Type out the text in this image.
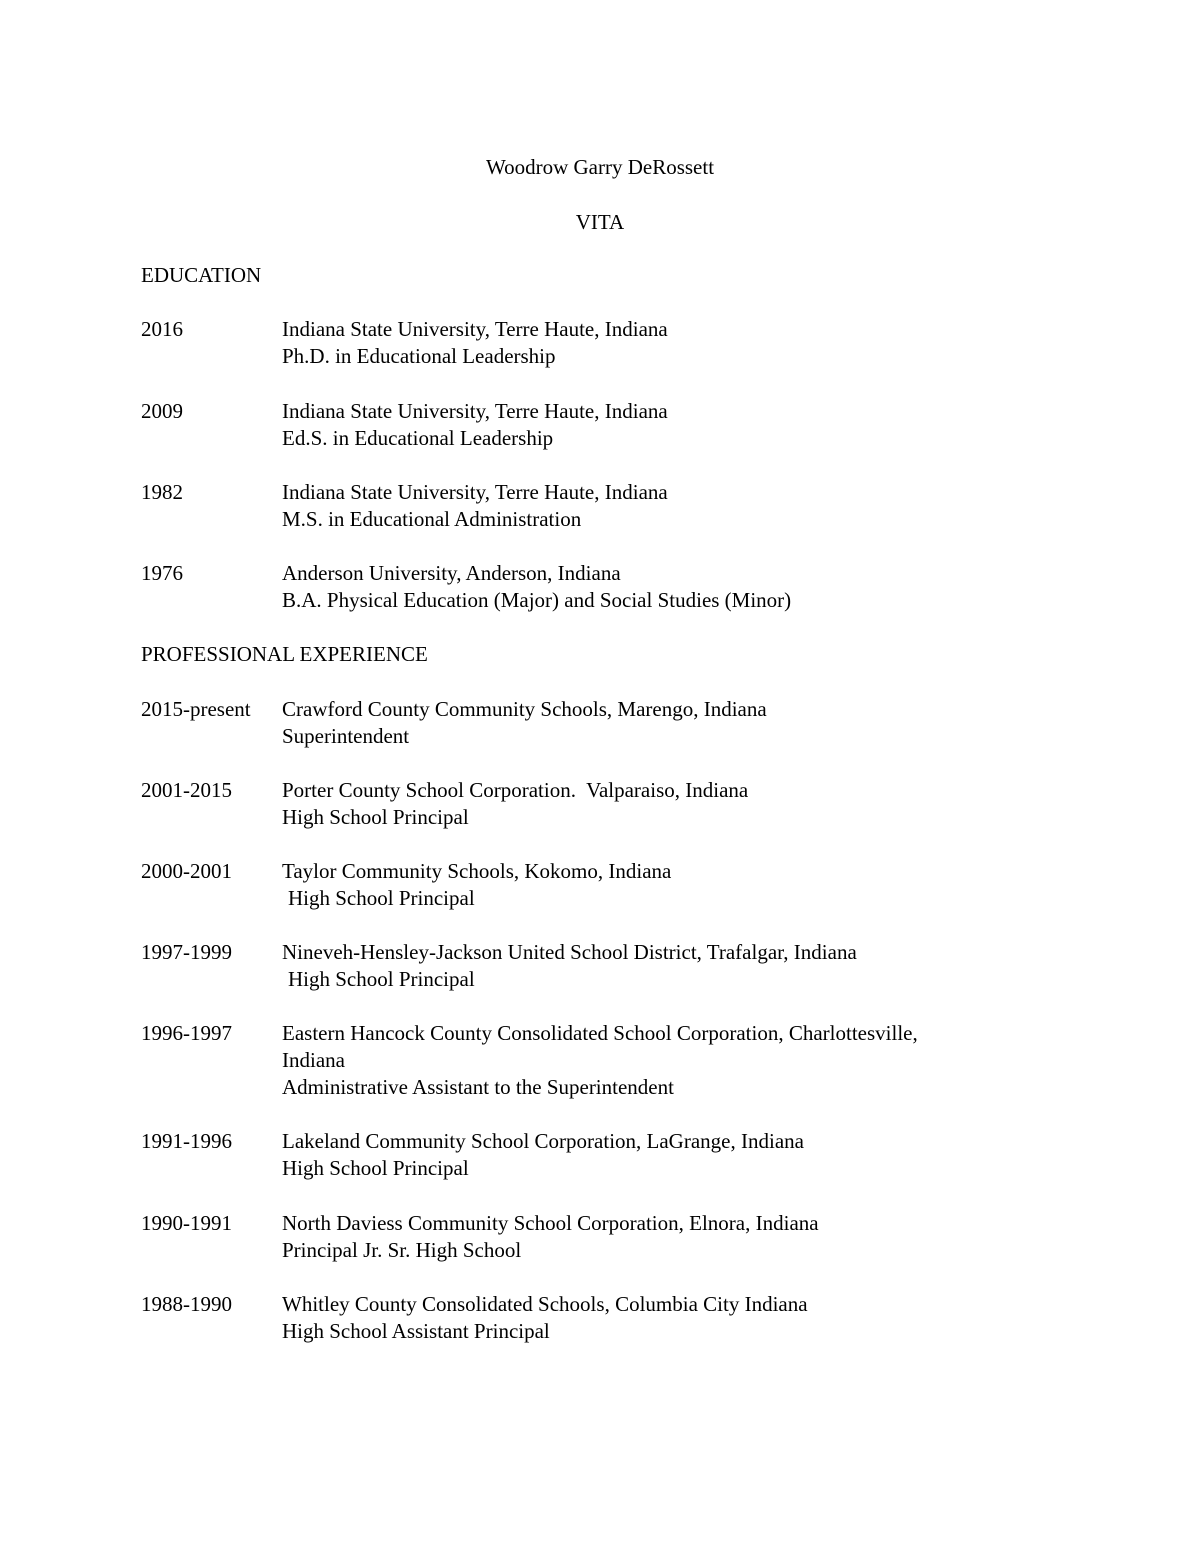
Woodrow Garry DeRossett
VITA
EDUCATION
2016	Indiana State University, Terre Haute, Indiana
Ph.D. in Educational Leadership
2009	Indiana State University, Terre Haute, Indiana
Ed.S. in Educational Leadership
1982	Indiana State University, Terre Haute, Indiana
M.S. in Educational Administration
1976	Anderson University, Anderson, Indiana
B.A. Physical Education (Major) and Social Studies (Minor)
PROFESSIONAL EXPERIENCE
2015-present Crawford County Community Schools, Marengo, Indiana
Superintendent
2001-2015 Porter County School Corporation.  Valparaiso, Indiana
High School Principal
2000-2001 Taylor Community Schools, Kokomo, Indiana
High School Principal
1997-1999 Nineveh-Hensley-Jackson United School District, Trafalgar, Indiana
High School Principal
1996-1997 Eastern Hancock County Consolidated School Corporation, Charlottesville,
Indiana
Administrative Assistant to the Superintendent
1991-1996 Lakeland Community School Corporation, LaGrange, Indiana
High School Principal
1990-1991 North Daviess Community School Corporation, Elnora, Indiana
Principal Jr. Sr. High School
1988-1990 Whitley County Consolidated Schools, Columbia City Indiana
High School Assistant Principal
